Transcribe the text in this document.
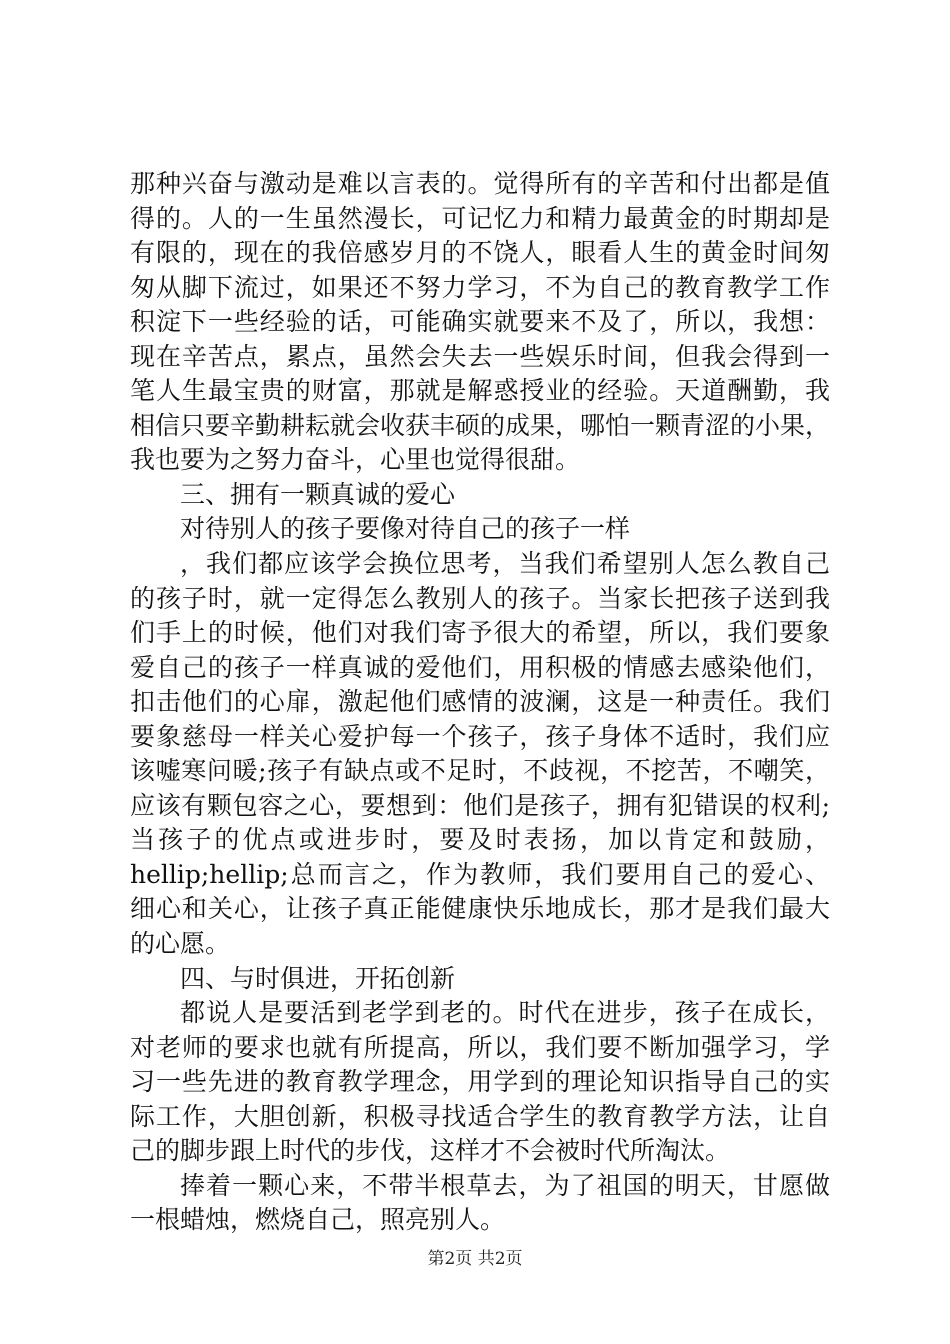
那种兴奋与激动是难以言表的。觉得所有的辛苦和付出都是值
得的。人的一生虽然漫长，可记忆力和精力最黄金的时期却是
有限的，现在的我倍感岁月的不饶人，眼看人生的黄金时间匆
匆从脚下流过，如果还不努力学习，不为自己的教育教学工作
积淀下一些经验的话，可能确实就要来不及了，所以，我想：
现在辛苦点，累点，虽然会失去一些娱乐时间，但我会得到一
笔人生最宝贵的财富，那就是解惑授业的经验。天道酬勤，我
相信只要辛勤耕耘就会收获丰硕的成果，哪怕一颗青涩的小果，
我也要为之努力奋斗，心里也觉得很甜。
三、拥有一颗真诚的爱心
对待别人的孩子要像对待自己的孩子一样
，我们都应该学会换位思考，当我们希望别人怎么教自己
的孩子时，就一定得怎么教别人的孩子。当家长把孩子送到我
们手上的时候，他们对我们寄予很大的希望，所以，我们要象
爱自己的孩子一样真诚的爱他们，用积极的情感去感染他们，
扣击他们的心扉，激起他们感情的波澜，这是一种责任。我们
要象慈母一样关心爱护每一个孩子，孩子身体不适时，我们应
该嘘寒问暖;孩子有缺点或不足时，不歧视，不挖苦，不嘲笑，
应该有颗包容之心，要想到：他们是孩子，拥有犯错误的权利;
当孩子的优点或进步时，要及时表扬，加以肯定和鼓励，
hellip;hellip;总而言之，作为教师，我们要用自己的爱心、
细心和关心，让孩子真正能健康快乐地成长，那才是我们最大
的心愿。
四、与时俱进，开拓创新
都说人是要活到老学到老的。时代在进步，孩子在成长，
对老师的要求也就有所提高，所以，我们要不断加强学习，学
习一些先进的教育教学理念，用学到的理论知识指导自己的实
际工作，大胆创新，积极寻找适合学生的教育教学方法，让自
己的脚步跟上时代的步伐，这样才不会被时代所淘汰。
捧着一颗心来，不带半根草去，为了祖国的明天，甘愿做
一根蜡烛，燃烧自己，照亮别人。
第2页 共2页
